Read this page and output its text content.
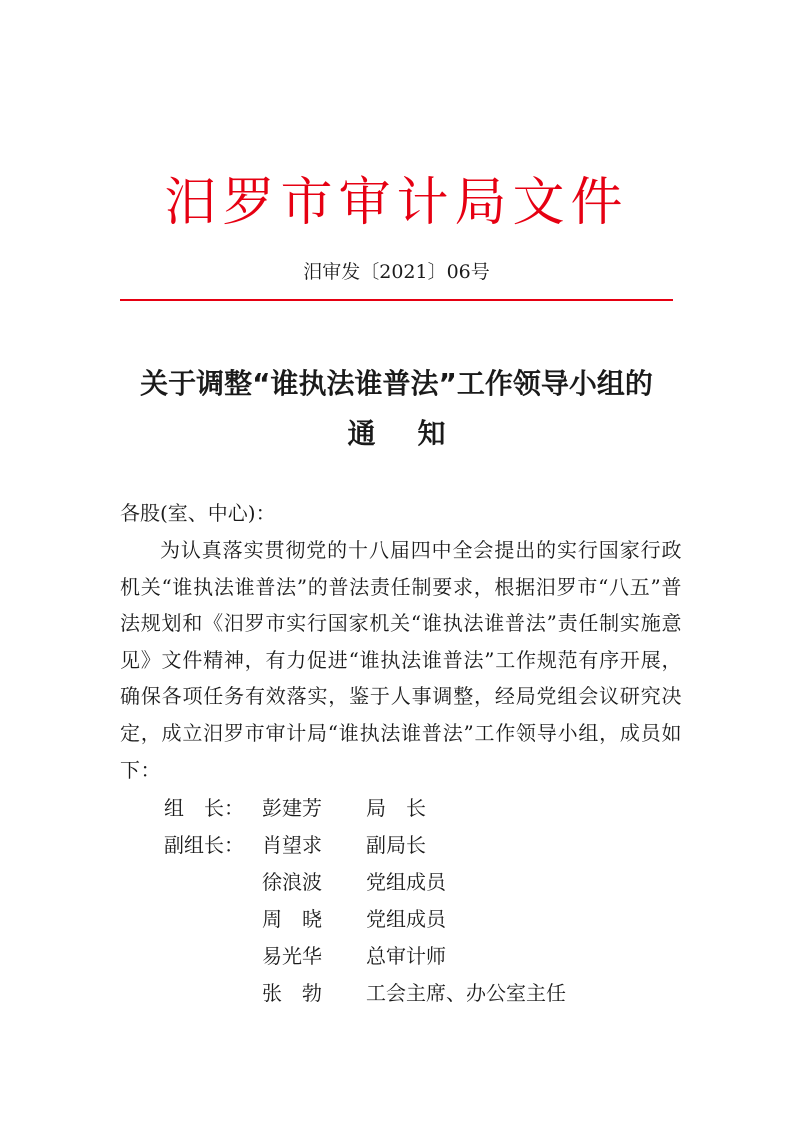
汨罗市审计局文件
汨审发〔2021〕06号
关于调整“谁执法谁普法”工作领导小组的
通 知
各股(室、中心)：
为认真落实贯彻党的十八届四中全会提出的实行国家行政机关“谁执法谁普法”的普法责任制要求，根据汨罗市“八五”普法规划和《汨罗市实行国家机关“谁执法谁普法”责任制实施意见》文件精神，有力促进“谁执法谁普法”工作规范有序开展，确保各项任务有效落实，鉴于人事调整，经局党组会议研究决定，成立汨罗市审计局“谁执法谁普法”工作领导小组，成员如下：
组　长： 彭建芳 局　长
副组长： 肖望求 副局长
徐浪波 党组成员
周　晓 党组成员
易光华 总审计师
张　勃 工会主席、办公室主任
